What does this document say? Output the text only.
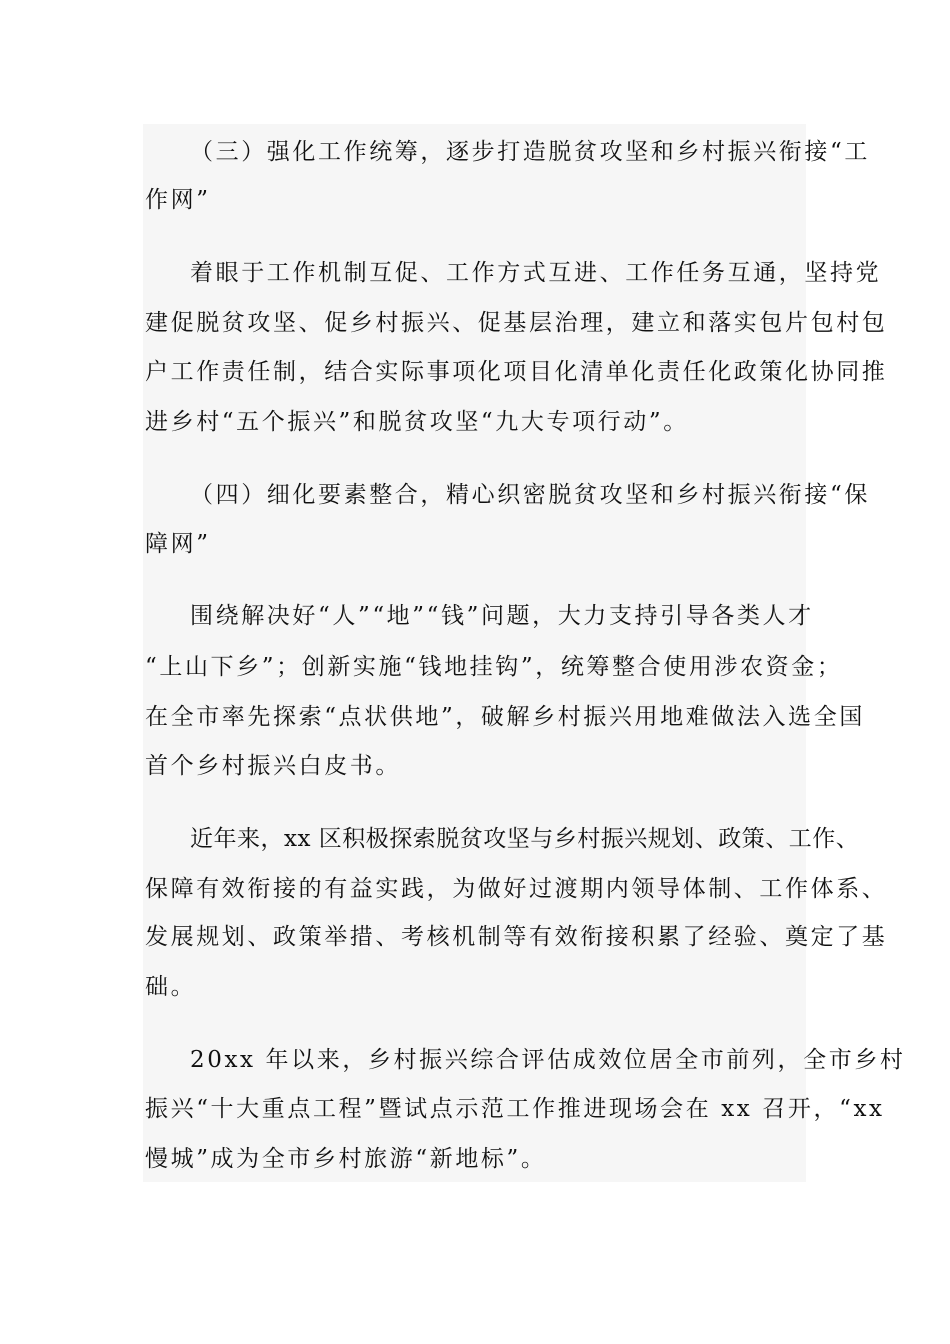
（三）强化工作统筹，逐步打造脱贫攻坚和乡村振兴衔接“工
作网”
着眼于工作机制互促、工作方式互进、工作任务互通，坚持党
建促脱贫攻坚、促乡村振兴、促基层治理，建立和落实包片包村包
户工作责任制，结合实际事项化项目化清单化责任化政策化协同推
进乡村“五个振兴”和脱贫攻坚“九大专项行动”。
（四）细化要素整合，精心织密脱贫攻坚和乡村振兴衔接“保
障网”
围绕解决好“人”“地”“钱”问题，大力支持引导各类人才
“上山下乡”；创新实施“钱地挂钩”，统筹整合使用涉农资金；
在全市率先探索“点状供地”，破解乡村振兴用地难做法入选全国
首个乡村振兴白皮书。
近年来，xx 区积极探索脱贫攻坚与乡村振兴规划、政策、工作、
保障有效衔接的有益实践，为做好过渡期内领导体制、工作体系、
发展规划、政策举措、考核机制等有效衔接积累了经验、奠定了基
础。
20xx 年以来，乡村振兴综合评估成效位居全市前列，全市乡村
振兴“十大重点工程”暨试点示范工作推进现场会在 xx 召开，“xx
慢城”成为全市乡村旅游“新地标”。
